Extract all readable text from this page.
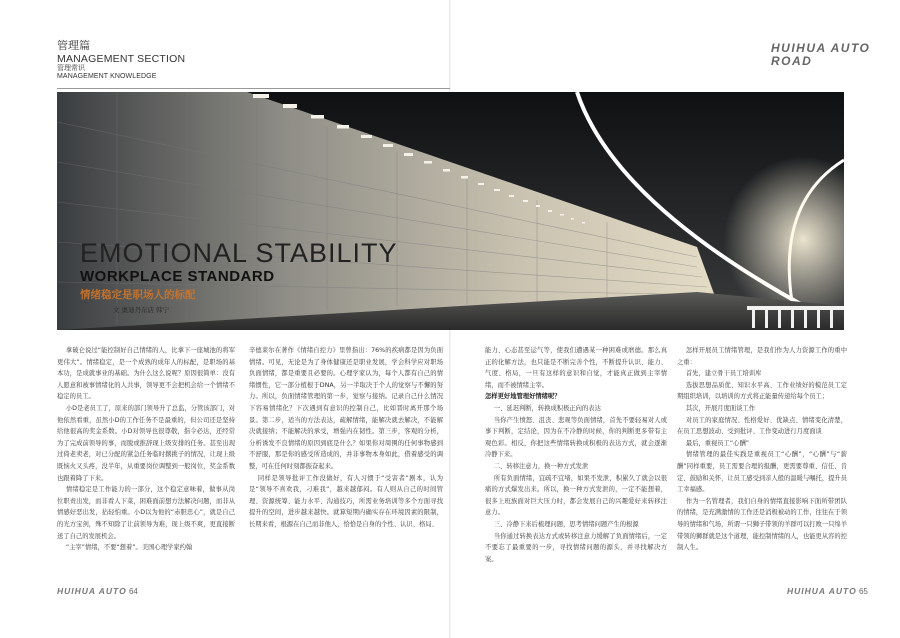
管理篇
MANAGEMENT SECTION
管理常识
MANAGEMENT KNOWLEDGE
HUIHUA AUTO
ROAD
EMOTIONAL STABILITY
WORKPLACE STANDARD
情绪稳定是职场人的标配
文 奥迪丹东店 韩宁

拿破仑说过“能控制好自己情绪的人，比拿下一座城池的将军更伟大”。情绪稳定，是一个成熟的成年人的标配，是职场的基本功，是成就事业的基础。为什么这么说呢？原因很简单：没有人愿意和被事情绪化的人共事，领导更不会把机会给一个情绪不稳定的员工。

小D是老员工了，原来的部门领导升了总监，分管该部门，对他依然看重，虽然小D的工作任务不是最重的，但公司还是坚持给他很高的奖金系数。小D对领导也很尊敬，指令必达，还经常为了完成前领导的事，而脱或推辞现上级安排的任务。甚至出现过倚老卖老，对已分配的紧急任务临时撂挑子的情况，让现上级既恼火又头疼，没半年，从重要岗位调整到一般岗位，奖金系数也跟着降了下来。

情绪稳定是工作能力的一部分，这个稳定意味着，做事从岗位职责出发，而非看人下菜，困难面前想方法解决问题，而非从情感好恶出发，拈轻怕重。小D以为他的“赤胆忠心”，就是自己的光方宝剑，殊不知除了让前领导为难，现上级不爽，更直接断送了自己的发展机会。

“主宰”情绪，不要“想着”。美国心理学家约翰

辛德莱尔在著作《情绪自控力》里曾指出：76%的疾病都是因为负面情绪。可见，无论是为了身体健康还是职业发展，学会科学应对职场负面情绪，都是重要且必要的。心理学家认为，每个人都有自己的情绪惯性，它一部分植根于DNA，另一半取决于个人的觉察与不懈的努力。所以，负面情绪管理的第一步，觉察与接纳。记录自己什么情况下容易情绪化？下次遇到有意识的控制自己，比如晋时离开那个场景。第二步，适当的方法表达，疏解情绪，能解决就去解决，不能解决就接纳；不能解决的承受，增强内在韧性。第三步，客观的分析，分析诱发不良情绪的原因到底是什么？如果你对周围的任何事物感到不舒服，那是你的感受所造成的，并非事物本身如此，借着感受的调整，可在任何时刻都振奋起来。

同样是领导批评工作没做好，有人习惯于“受害者”剧本，认为是“领导不喜欢我，刁难我”，越来越郁闷。有人则从自己的时间管理、资源统筹、能力水平、沟通技巧，所需业务培训等多个方面寻找提升的空间，进步越来越快。就算短期内确实存在环境因素的限制，长期来看，根源在自己而非他人，恰恰是自身的个性、认识、格局、

能力、心态甚至运气等，使我们遭遇某一种困难或磨德。那么真正的化解方法，也只能是不断完善个性，不断提升认识、能力、气度、格局，一旦有这样的意识和自觉，才能真正做到主宰情绪，而不被情绪主宰。

怎样更好地管理好情绪呢？

一、延迟判断，转换成积极正向的表达

当你产生愤怒、沮丧、悲观等负面情绪，首先不要轻易对人或事下判断，定结论，因为在不冷静的时候，你的判断更多带有主观色彩。相反，你把这些情绪转换成积极的表达方式，就会逐渐冷静下来。

二、转移注意力，换一种方式发泄

所有负面情绪，宜疏不宜堵，如果不发泄，积累久了就会以很痛的方式爆发出来。所以，换一种方式发泄的，一定不能想着，很多上班族面对巨大压力时，都会发展自己的兴趣爱好来转移注意力。

三、冷静下来后梳理问题，思考情绪问题产生的根源

当你通过转换表达方式或转移注意力缓解了负面情绪后，一定不要忘了最重要的一步，寻找情绪问题的源头，并寻找解决方案。

怎样开展员工情绪管理，是我们作为人力资源工作的重中之重：

首先，建立骨干员工培训库

选拔思想品质优、知识水平高、工作业绩好的模范员工定期组织培训，以培训的方式将正能量传递给每个员工；

其次，开展月度面谈工作

对员工的家庭情况、性格爱好、优缺点、情绪变化清楚，在员工思想波动、受到批评、工作变动进行月度面谈

最后，重视员工“心酬”

情绪管理的最佳实践是重视员工“心酬”，“心酬”与“薪酬”同样重要，员工需要合理的报酬，更需要尊重、信任、肯定、鼓励和关怀，让员工感受到亲人般的温暖与嘱托，提升员工幸福感。

作为一名管理者，我们自身的情绪直接影响下面所带团队的情绪，是充满激情的工作还是消极被动的工作，往往在于领导的情绪和气场，所谓一只狮子带领的羊群可以打败一只绵羊带领的狮群就是这个道理，能控制情绪的人，也能更从容的控制人生。

HUIHUA AUTO 64	HUIHUA AUTO 65
